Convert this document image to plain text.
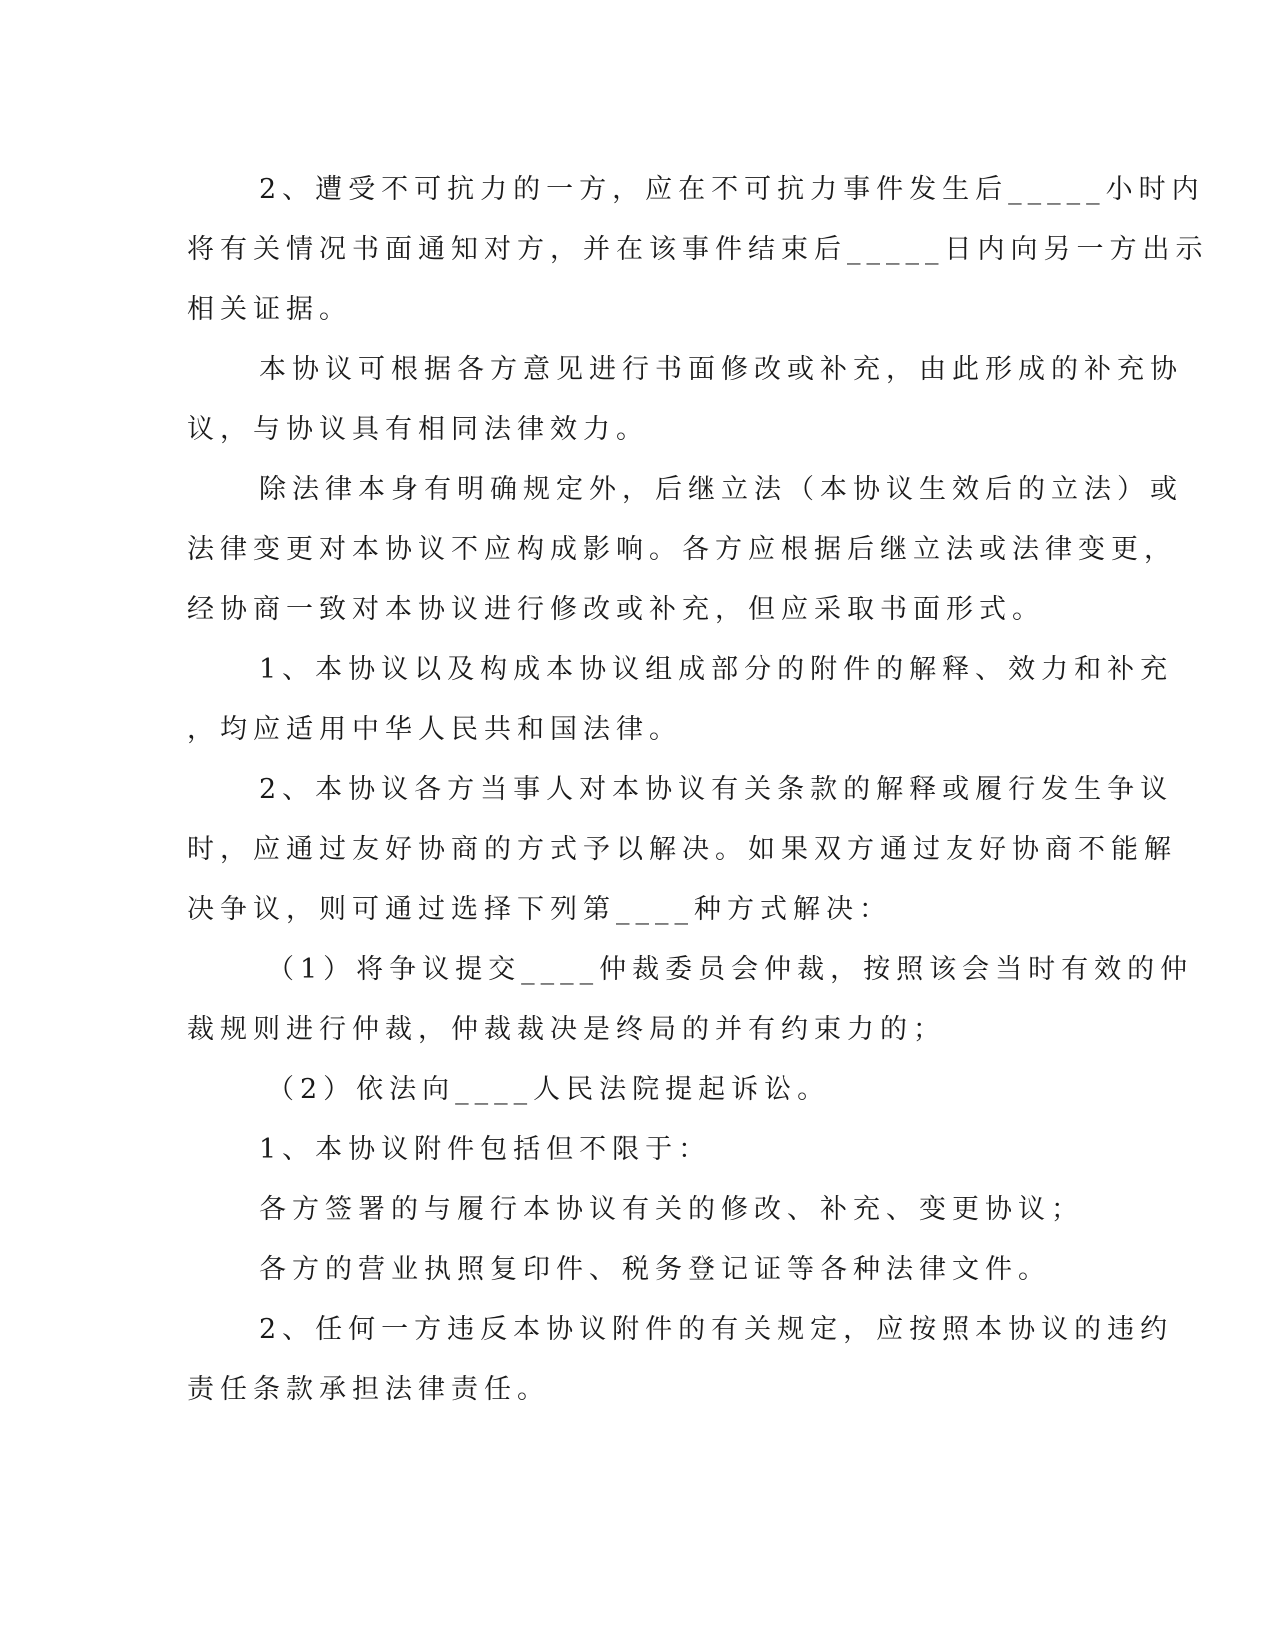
2、遭受不可抗力的一方，应在不可抗力事件发生后_____小时内
将有关情况书面通知对方，并在该事件结束后_____日内向另一方出示
相关证据。
本协议可根据各方意见进行书面修改或补充，由此形成的补充协
议，与协议具有相同法律效力。
除法律本身有明确规定外，后继立法（本协议生效后的立法）或
法律变更对本协议不应构成影响。各方应根据后继立法或法律变更，
经协商一致对本协议进行修改或补充，但应采取书面形式。
1、本协议以及构成本协议组成部分的附件的解释、效力和补充
，均应适用中华人民共和国法律。
2、本协议各方当事人对本协议有关条款的解释或履行发生争议
时，应通过友好协商的方式予以解决。如果双方通过友好协商不能解
决争议，则可通过选择下列第____种方式解决：
（1）将争议提交____仲裁委员会仲裁，按照该会当时有效的仲
裁规则进行仲裁，仲裁裁决是终局的并有约束力的；
（2）依法向____人民法院提起诉讼。
1、本协议附件包括但不限于：
各方签署的与履行本协议有关的修改、补充、变更协议；
各方的营业执照复印件、税务登记证等各种法律文件。
2、任何一方违反本协议附件的有关规定，应按照本协议的违约
责任条款承担法律责任。
